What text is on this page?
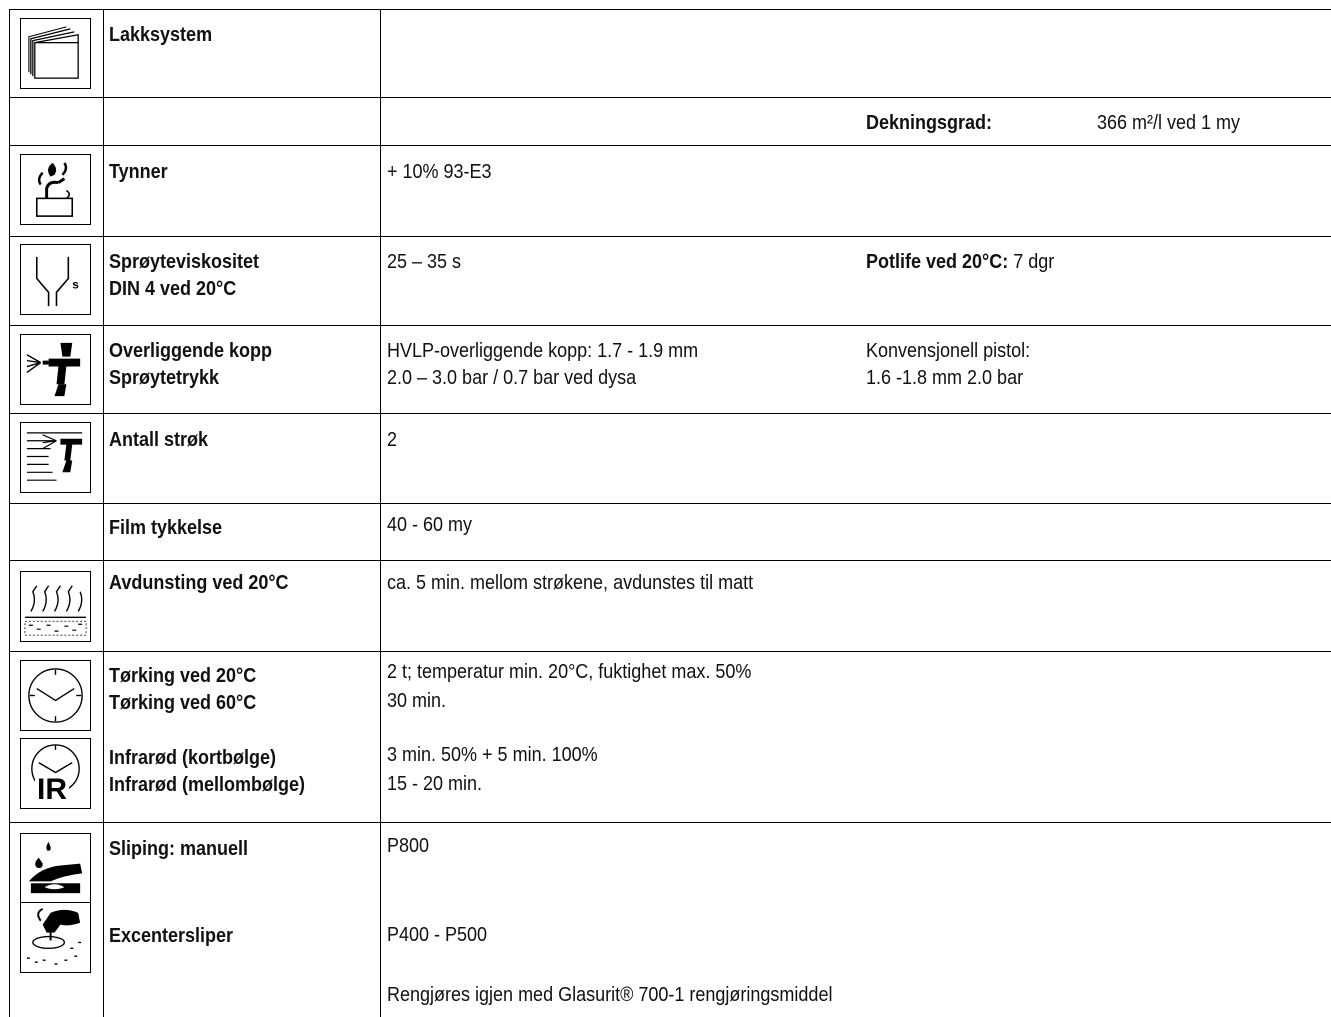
s
IR
Lakksystem
Tynner
Sprøyteviskositet
DIN 4 ved 20°C
Overliggende kopp
Sprøytetrykk
Antall strøk
Film tykkelse
Avdunsting ved 20°C
Tørking ved 20°C
Tørking ved 60°C
Infrarød (kortbølge)
Infrarød (mellombølge)
Sliping: manuell
Excentersliper
Dekningsgrad:	366 m²/l ved 1 my
+ 10% 93-E3
25 – 35 s	Potlife ved 20°C: 7 dgr
HVLP-overliggende kopp: 1.7 - 1.9 mm
2.0 – 3.0 bar / 0.7 bar ved dysa
Konvensjonell pistol:
1.6 -1.8 mm 2.0 bar
2
40 - 60 my
ca. 5 min. mellom strøkene, avdunstes til matt
2 t; temperatur min. 20°C, fuktighet max. 50%
30 min.
3 min. 50% + 5 min. 100%
15 - 20 min.
P800
P400 - P500
Rengjøres igjen med Glasurit® 700-1 rengjøringsmiddel
